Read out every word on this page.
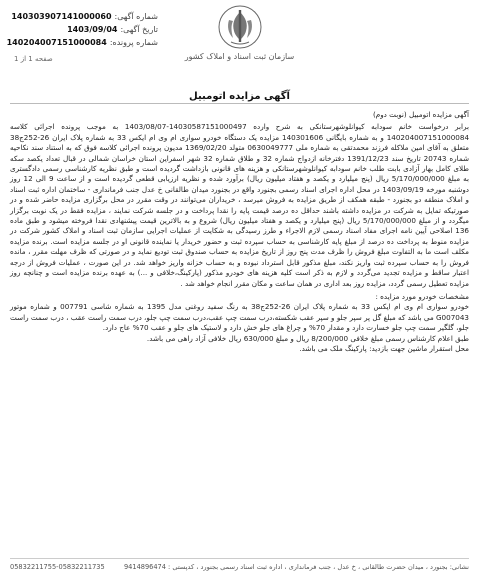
شماره آگهی:
140303907141000060
تاریخ آگهی:
1403/09/04
شماره پرونده:
140204007151000084
صفحه 1 از 1	سازمان ثبت اسناد و املاک کشور
آگهی مزایده اتومبیل

آگهی مزایده اتومبیل (نوبت دوم)

برابر درخواست خانم سودابه کیوانلوشهرستانکی به شرح وارده 14030587151000497-1403/08/07 به موجب پرونده اجرائی کلاسه 140204007151000084 و به شماره بایگانی 140301606 مزایده یک دستگاه خودرو سواری ام وی ام ایکس 33 به شماره پلاک ایران 26-252ج38 متعلق به آقای امین ملاکله فرزند محمدتقی به شماره ملی 0630049777 متولد 1369/02/20 مدیون پرونده اجرائی کلاسه فوق که به استناد سند نکاحیه شماره 20743 تاریخ سند 1391/12/23 دفترخانه ازدواج شماره 32 و طلاق شماره 32 شهر اسفراین استان خراسان شمالی در قبال تعداد یکصد سکه طلای کامل بهار آزادی بابت طلب خانم سودابه کیوانلوشهرستانکی و هزینه های قانونی بازداشت گردیده است و طبق نظریه کارشناسی رسمی دادگستری به مبلغ 5/170/000/000 ریال (پنج میلیارد و یکصد و هفتاد میلیون ریال) برآورد شده و نظریه ارزیابی قطعی گردیده است و از ساعت 9 الی 12 روز دوشنبه مورخه 1403/09/19 در محل اداره اجرای اسناد رسمی بجنورد واقع در بجنورد میدان طالقانی خ عدل جنب فرمانداری - ساختمان اداره ثبت اسناد و املاک منطقه دو بجنورد - طبقه همکف از طریق مزایده به فروش میرسد ، خریداران می‌توانند در وقت مقرر در محل برگزاری مزایده حاضر شده و در صورتیکه تمایل به شرکت در مزایده داشته باشند حداقل ده درصد قیمت پایه را نقدا پرداخت و در جلسه شرکت نمایند ، مزایده فقط در یک نوبت برگزار میگردد و از مبلغ 5/170/000/000 ریال (پنج میلیارد و یکصد و هفتاد میلیون ریال) شروع و به بالاترین قیمت پیشنهادی نقدا فروخته میشود و طبق ماده 136 اصلاحی آیین نامه اجرای مفاد اسناد رسمی لازم الاجراء و طرز رسیدگی به شکایت از عملیات اجرایی سازمان ثبت اسناد و املاک کشور شرکت در مزایده منوط به پرداخت ده درصد از مبلغ پایه کارشناسی به حساب سپرده ثبت و حضور خریدار یا نماینده قانونی او در جلسه مزایده است. برنده مزایده مکلف است ما به التفاوت مبلغ فروش را ظرف مدت پنج روز از تاریخ مزایده به حساب صندوق ثبت تودیع نماید و در صورتی که ظرف مهلت مقرر ، مانده فروش را به حساب سپرده ثبت واریز نکند، مبلغ مذکور قابل استرداد نبوده و به حساب خزانه واریز خواهد شد. در این صورت ، عملیات فروش از درجه اعتبار ساقط و مزایده تجدید می‌گردد و لازم به ذکر است کلیه هزینه های خودرو مذکور (پارکینگ،خلافی و ...) به عهده برنده مزایده است و چنانچه روز مزایده تعطیل رسمی گردد، مزایده روز بعد اداری در همان ساعت و مکان مقرر انجام خواهد شد .

مشخصات خودرو مورد مزایده :

خودرو سواری ام وی ام ایکس 33 به شماره پلاک ایران 26-252ج38 به رنگ سفید روغنی مدل 1395 به شماره شاسی 007791 و شماره موتور G007043 می باشد که مبلغ گل پر سپر جلو و سپر عقب شکسته،درب سمت چپ عقب،درب سمت چپ جلو، درب سمت راست عقب ، درب سمت راست جلو، گلگیر سمت چپ جلو خسارت دارد و مقدار 70% و چراغ های جلو خش دارد و لاستیک های جلو و عقب 70% عاج دارد.

طبق اعلام کارشناس رسمی مبلغ خلافی 8/200/000 ریال و مبلغ 630/000 ریال خلافی آزاد راهی می باشد.

محل استقرار ماشین جهت بازدید: پارکینگ ملک می باشد.

نشانی: بجنورد ، میدان حضرت طالقانی ، خ عدل ، جنب فرمانداری ، اداره ثبت اسناد رسمی بجنورد ، کدپستی : 9414896474
05832211755-05832211735
